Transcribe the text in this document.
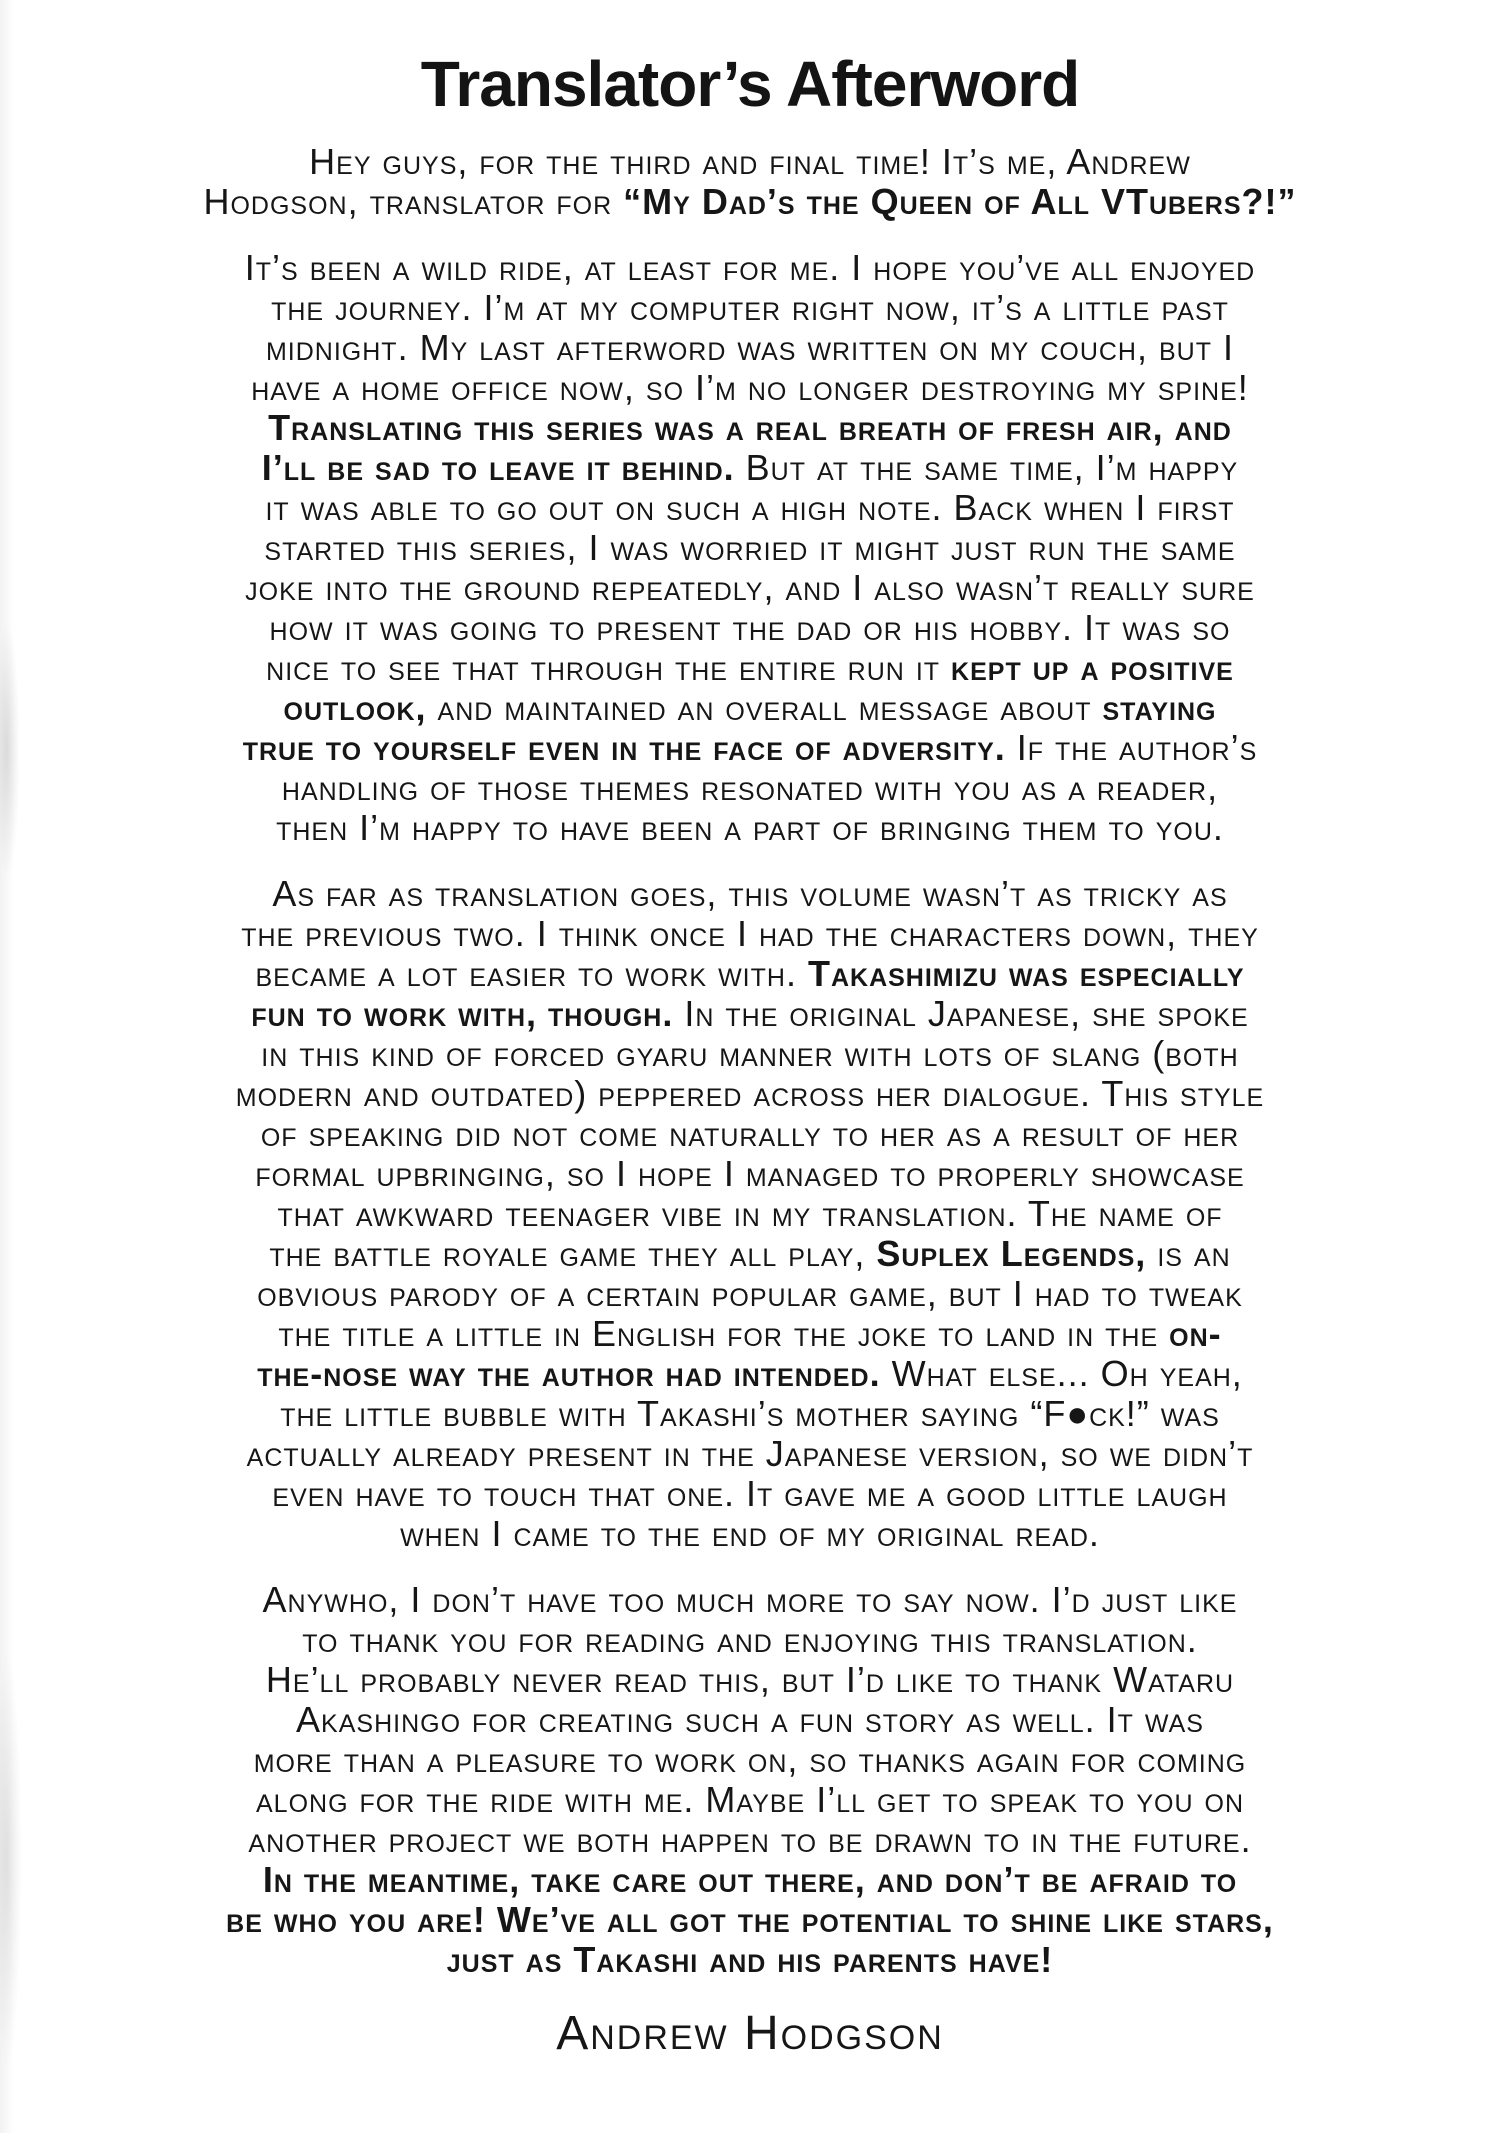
Translator’s Afterword
Hey guys, for the third and final time! It’s me, Andrew
Hodgson, translator for “My Dad’s the Queen of All VTubers?!”
It’s been a wild ride, at least for me. I hope you’ve all enjoyed
the journey. I’m at my computer right now, it’s a little past
midnight. My last afterword was written on my couch, but I
have a home office now, so I’m no longer destroying my spine!
Translating this series was a real breath of fresh air, and
I’ll be sad to leave it behind. But at the same time, I’m happy
it was able to go out on such a high note. Back when I first
started this series, I was worried it might just run the same
joke into the ground repeatedly, and I also wasn’t really sure
how it was going to present the dad or his hobby. It was so
nice to see that through the entire run it kept up a positive
outlook, and maintained an overall message about staying
true to yourself even in the face of adversity. If the author’s
handling of those themes resonated with you as a reader,
then I’m happy to have been a part of bringing them to you.
As far as translation goes, this volume wasn’t as tricky as
the previous two. I think once I had the characters down, they
became a lot easier to work with. Takashimizu was especially
fun to work with, though. In the original Japanese, she spoke
in this kind of forced gyaru manner with lots of slang (both
modern and outdated) peppered across her dialogue. This style
of speaking did not come naturally to her as a result of her
formal upbringing, so I hope I managed to properly showcase
that awkward teenager vibe in my translation. The name of
the battle royale game they all play, Suplex Legends, is an
obvious parody of a certain popular game, but I had to tweak
the title a little in English for the joke to land in the on-
the-nose way the author had intended. What else... Oh yeah,
the little bubble with Takashi’s mother saying “F●ck!” was
actually already present in the Japanese version, so we didn’t
even have to touch that one. It gave me a good little laugh
when I came to the end of my original read.
Anywho, I don’t have too much more to say now. I’d just like
to thank you for reading and enjoying this translation.
He’ll probably never read this, but I’d like to thank Wataru
Akashingo for creating such a fun story as well. It was
more than a pleasure to work on, so thanks again for coming
along for the ride with me. Maybe I’ll get to speak to you on
another project we both happen to be drawn to in the future.
In the meantime, take care out there, and don’t be afraid to
be who you are! We’ve all got the potential to shine like stars,
just as Takashi and his parents have!
Andrew Hodgson
